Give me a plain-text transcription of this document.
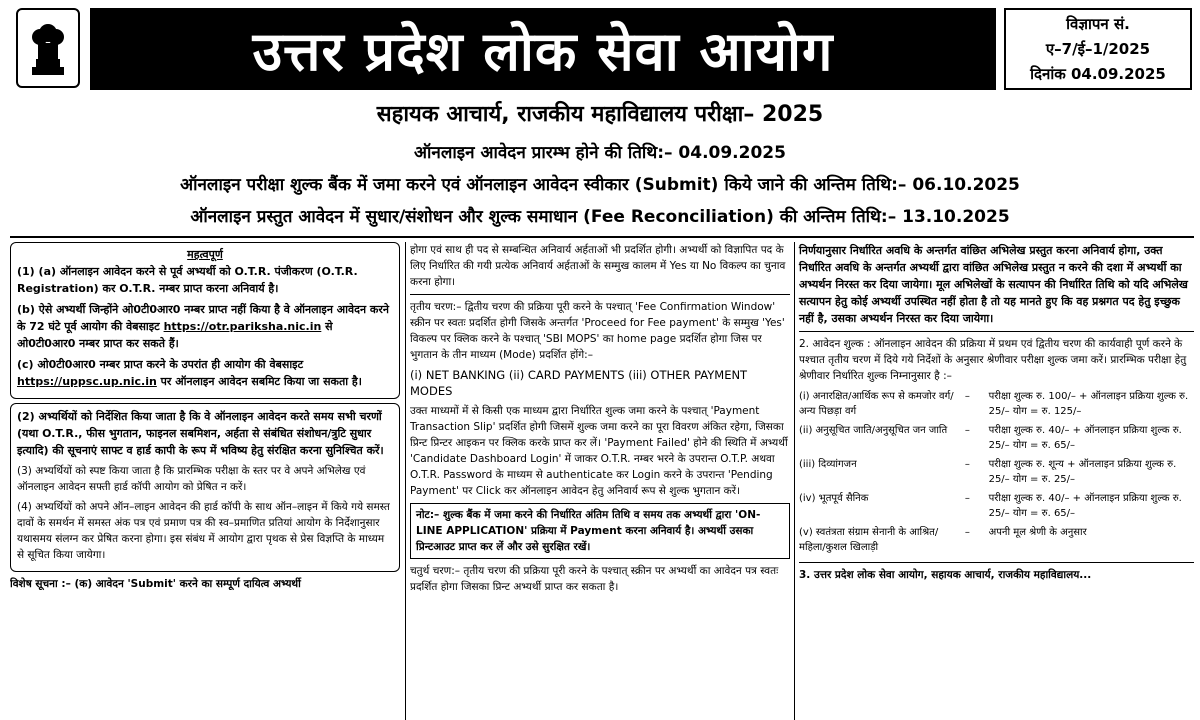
उत्तर प्रदेश लोक सेवा आयोग	विज्ञापन सं.
ए–7/ई–1/2025
दिनांक 04.09.2025
सहायक आचार्य, राजकीय महाविद्यालय परीक्षा– 2025
ऑनलाइन आवेदन प्रारम्भ होने की तिथि:– 04.09.2025
ऑनलाइन परीक्षा शुल्क बैंक में जमा करने एवं ऑनलाइन आवेदन स्वीकार (Submit) किये जाने की अन्तिम तिथि:– 06.10.2025
ऑनलाइन प्रस्तुत आवेदन में सुधार/संशोधन और शुल्क समाधान (Fee Reconciliation) की अन्तिम तिथि:– 13.10.2025
महत्वपूर्ण

(1) (a) ऑनलाइन आवेदन करने से पूर्व अभ्यर्थी को O.T.R. पंजीकरण (O.T.R. Registration) कर O.T.R. नम्बर प्राप्त करना अनिवार्य है।

(b) ऐसे अभ्यर्थी जिन्होंने ओ0टी0आर0 नम्बर प्राप्त नहीं किया है वे ऑनलाइन आवेदन करने के 72 घंटे पूर्व आयोग की वेबसाइट https://otr.pariksha.nic.in से ओ0टी0आर0 नम्बर प्राप्त कर सकते हैं।

(c) ओ0टी0आर0 नम्बर प्राप्त करने के उपरांत ही आयोग की वेबसाइट https://uppsc.up.nic.in पर ऑनलाइन आवेदन सबमिट किया जा सकता है।

(2) अभ्यर्थियों को निर्देशित किया जाता है कि वे ऑनलाइन आवेदन करते समय सभी चरणों (यथा O.T.R., फीस भुगतान, फाइनल सबमिशन, अर्हता से संबंधित संशोधन/त्रुटि सुधार इत्यादि) की सूचनाएं साफ्ट व हार्ड कापी के रूप में भविष्य हेतु संरक्षित करना सुनिश्चित करें।

(3) अभ्यर्थियों को स्पष्ट किया जाता है कि प्रारम्भिक परीक्षा के स्तर पर वे अपने अभिलेख एवं ऑनलाइन आवेदन सफ्ती हार्ड कॉपी आयोग को प्रेषित न करें।

(4) अभ्यर्थियों को अपने ऑन–लाइन आवेदन की हार्ड कॉपी के साथ ऑन–लाइन में किये गये समस्त दावों के समर्थन में समस्त अंक पत्र एवं प्रमाण पत्र की स्व–प्रमाणित प्रतियां आयोग के निर्देशानुसार यथासमय संलग्न कर प्रेषित करना होगा। इस संबंध में आयोग द्वारा पृथक से प्रेस विज्ञप्ति के माध्यम से सूचित किया जायेगा।

विशेष सूचना :– (क) आवेदन 'Submit' करने का सम्पूर्ण दायित्व अभ्यर्थी

होगा एवं साथ ही पद से सम्बन्धित अनिवार्य अर्हताओं भी प्रदर्शित होगी। अभ्यर्थी को विज्ञापित पद के लिए निर्धारित की गयी प्रत्येक अनिवार्य अर्हताओं के सम्मुख कालम में Yes या No विकल्प का चुनाव करना होगा।

तृतीय चरण:– द्वितीय चरण की प्रक्रिया पूरी करने के पश्चात् 'Fee Confirmation Window' स्क्रीन पर स्वतः प्रदर्शित होगी जिसके अन्तर्गत 'Proceed for Fee payment' के सम्मुख 'Yes' विकल्प पर क्लिक करने के पश्चात् 'SBI MOPS' का home page प्रदर्शित होगा जिस पर भुगतान के तीन माध्यम (Mode) प्रदर्शित होंगे:–

(i) NET BANKING (ii) CARD PAYMENTS (iii) OTHER PAYMENT MODES

उक्त माध्यमों में से किसी एक माध्यम द्वारा निर्धारित शुल्क जमा करने के पश्चात् 'Payment Transaction Slip' प्रदर्शित होगी जिसमें शुल्क जमा करने का पूरा विवरण अंकित रहेगा, जिसका प्रिन्ट प्रिन्टर आइकन पर क्लिक करके प्राप्त कर लें। 'Payment Failed' होने की स्थिति में अभ्यर्थी 'Candidate Dashboard Login' में जाकर O.T.R. नम्बर भरने के उपरान्त O.T.P. अथवा O.T.R. Password के माध्यम से authenticate कर Login करने के उपरान्त 'Pending Payment' पर Click कर ऑनलाइन आवेदन हेतु अनिवार्य रूप से शुल्क भुगतान करें।

नोट:– शुल्क बैंक में जमा करने की निर्धारित अंतिम तिथि व समय तक अभ्यर्थी द्वारा 'ON-LINE APPLICATION' प्रक्रिया में Payment करना अनिवार्य है। अभ्यर्थी उसका प्रिन्टआउट प्राप्त कर लें और उसे सुरक्षित रखें।

चतुर्थ चरण:– तृतीय चरण की प्रक्रिया पूरी करने के पश्चात् स्क्रीन पर अभ्यर्थी का आवेदन पत्र स्वतः प्रदर्शित होगा जिसका प्रिन्ट अभ्यर्थी प्राप्त कर सकता है।

निर्णयानुसार निर्धारित अवधि के अन्तर्गत वांछित अभिलेख प्रस्तुत करना अनिवार्य होगा, उक्त निर्धारित अवधि के अन्तर्गत अभ्यर्थी द्वारा वांछित अभिलेख प्रस्तुत न करने की दशा में अभ्यर्थी का अभ्यर्थन निरस्त कर दिया जायेगा। मूल अभिलेखों के सत्यापन की निर्धारित तिथि को यदि अभिलेख सत्यापन हेतु कोई अभ्यर्थी उपस्थित नहीं होता है तो यह मानते हुए कि वह प्रश्नगत पद हेतु इच्छुक नहीं है, उसका अभ्यर्थन निरस्त कर दिया जायेगा।

2. आवेदन शुल्क : ऑनलाइन आवेदन की प्रक्रिया में प्रथम एवं द्वितीय चरण की कार्यवाही पूर्ण करने के पश्चात तृतीय चरण में दिये गये निर्देशों के अनुसार श्रेणीवार परीक्षा शुल्क जमा करें। प्रारम्भिक परीक्षा हेतु श्रेणीवार निर्धारित शुल्क निम्नानुसार है :–

(i) अनारक्षित/आर्थिक रूप से कमजोर वर्ग/अन्य पिछड़ा वर्ग	–	परीक्षा शुल्क रु. 100/– + ऑनलाइन प्रक्रिया शुल्क रु. 25/– योग = रु. 125/–
(ii) अनुसूचित जाति/अनुसूचित जन जाति	–	परीक्षा शुल्क रु. 40/– + ऑनलाइन प्रक्रिया शुल्क रु. 25/– योग = रु. 65/–
(iii) दिव्यांगजन	–	परीक्षा शुल्क रु. शून्य + ऑनलाइन प्रक्रिया शुल्क रु. 25/– योग = रु. 25/–
(iv) भूतपूर्व सैनिक	–	परीक्षा शुल्क रु. 40/– + ऑनलाइन प्रक्रिया शुल्क रु. 25/– योग = रु. 65/–
(v) स्वतंत्रता संग्राम सेनानी के आश्रित/महिला/कुशल खिलाड़ी	–	अपनी मूल श्रेणी के अनुसार

3. उत्तर प्रदेश लोक सेवा आयोग, सहायक आचार्य, राजकीय महाविद्यालय...
